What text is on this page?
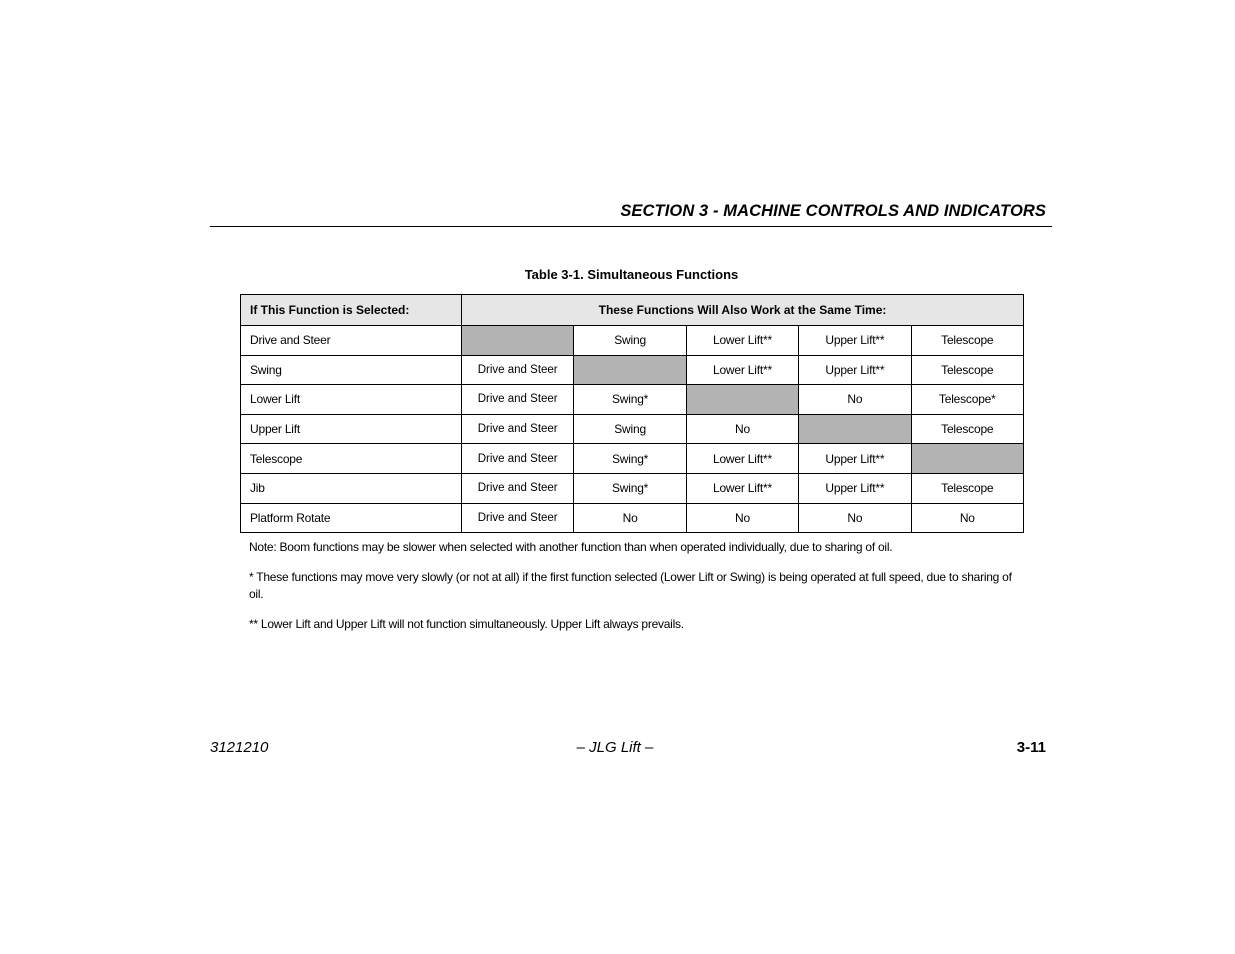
SECTION 3 - MACHINE CONTROLS AND INDICATORS
Table 3-1. Simultaneous Functions
If This Function is Selected:	These Functions Will Also Work at the Same Time:				
Drive and Steer		Swing	Lower Lift**	Upper Lift**	Telescope
Swing	Drive and Steer		Lower Lift**	Upper Lift**	Telescope
Lower Lift	Drive and Steer	Swing*		No	Telescope*
Upper Lift	Drive and Steer	Swing	No		Telescope
Telescope	Drive and Steer	Swing*	Lower Lift**	Upper Lift**	
Jib	Drive and Steer	Swing*	Lower Lift**	Upper Lift**	Telescope
Platform Rotate	Drive and Steer	No	No	No	No
Note: Boom functions may be slower when selected with another function than when operated individually, due to sharing of oil.
* These functions may move very slowly (or not at all) if the first function selected (Lower Lift or Swing) is being operated at full speed, due to sharing of oil.
** Lower Lift and Upper Lift will not function simultaneously. Upper Lift always prevails.
3121210	– JLG Lift –	3-11
